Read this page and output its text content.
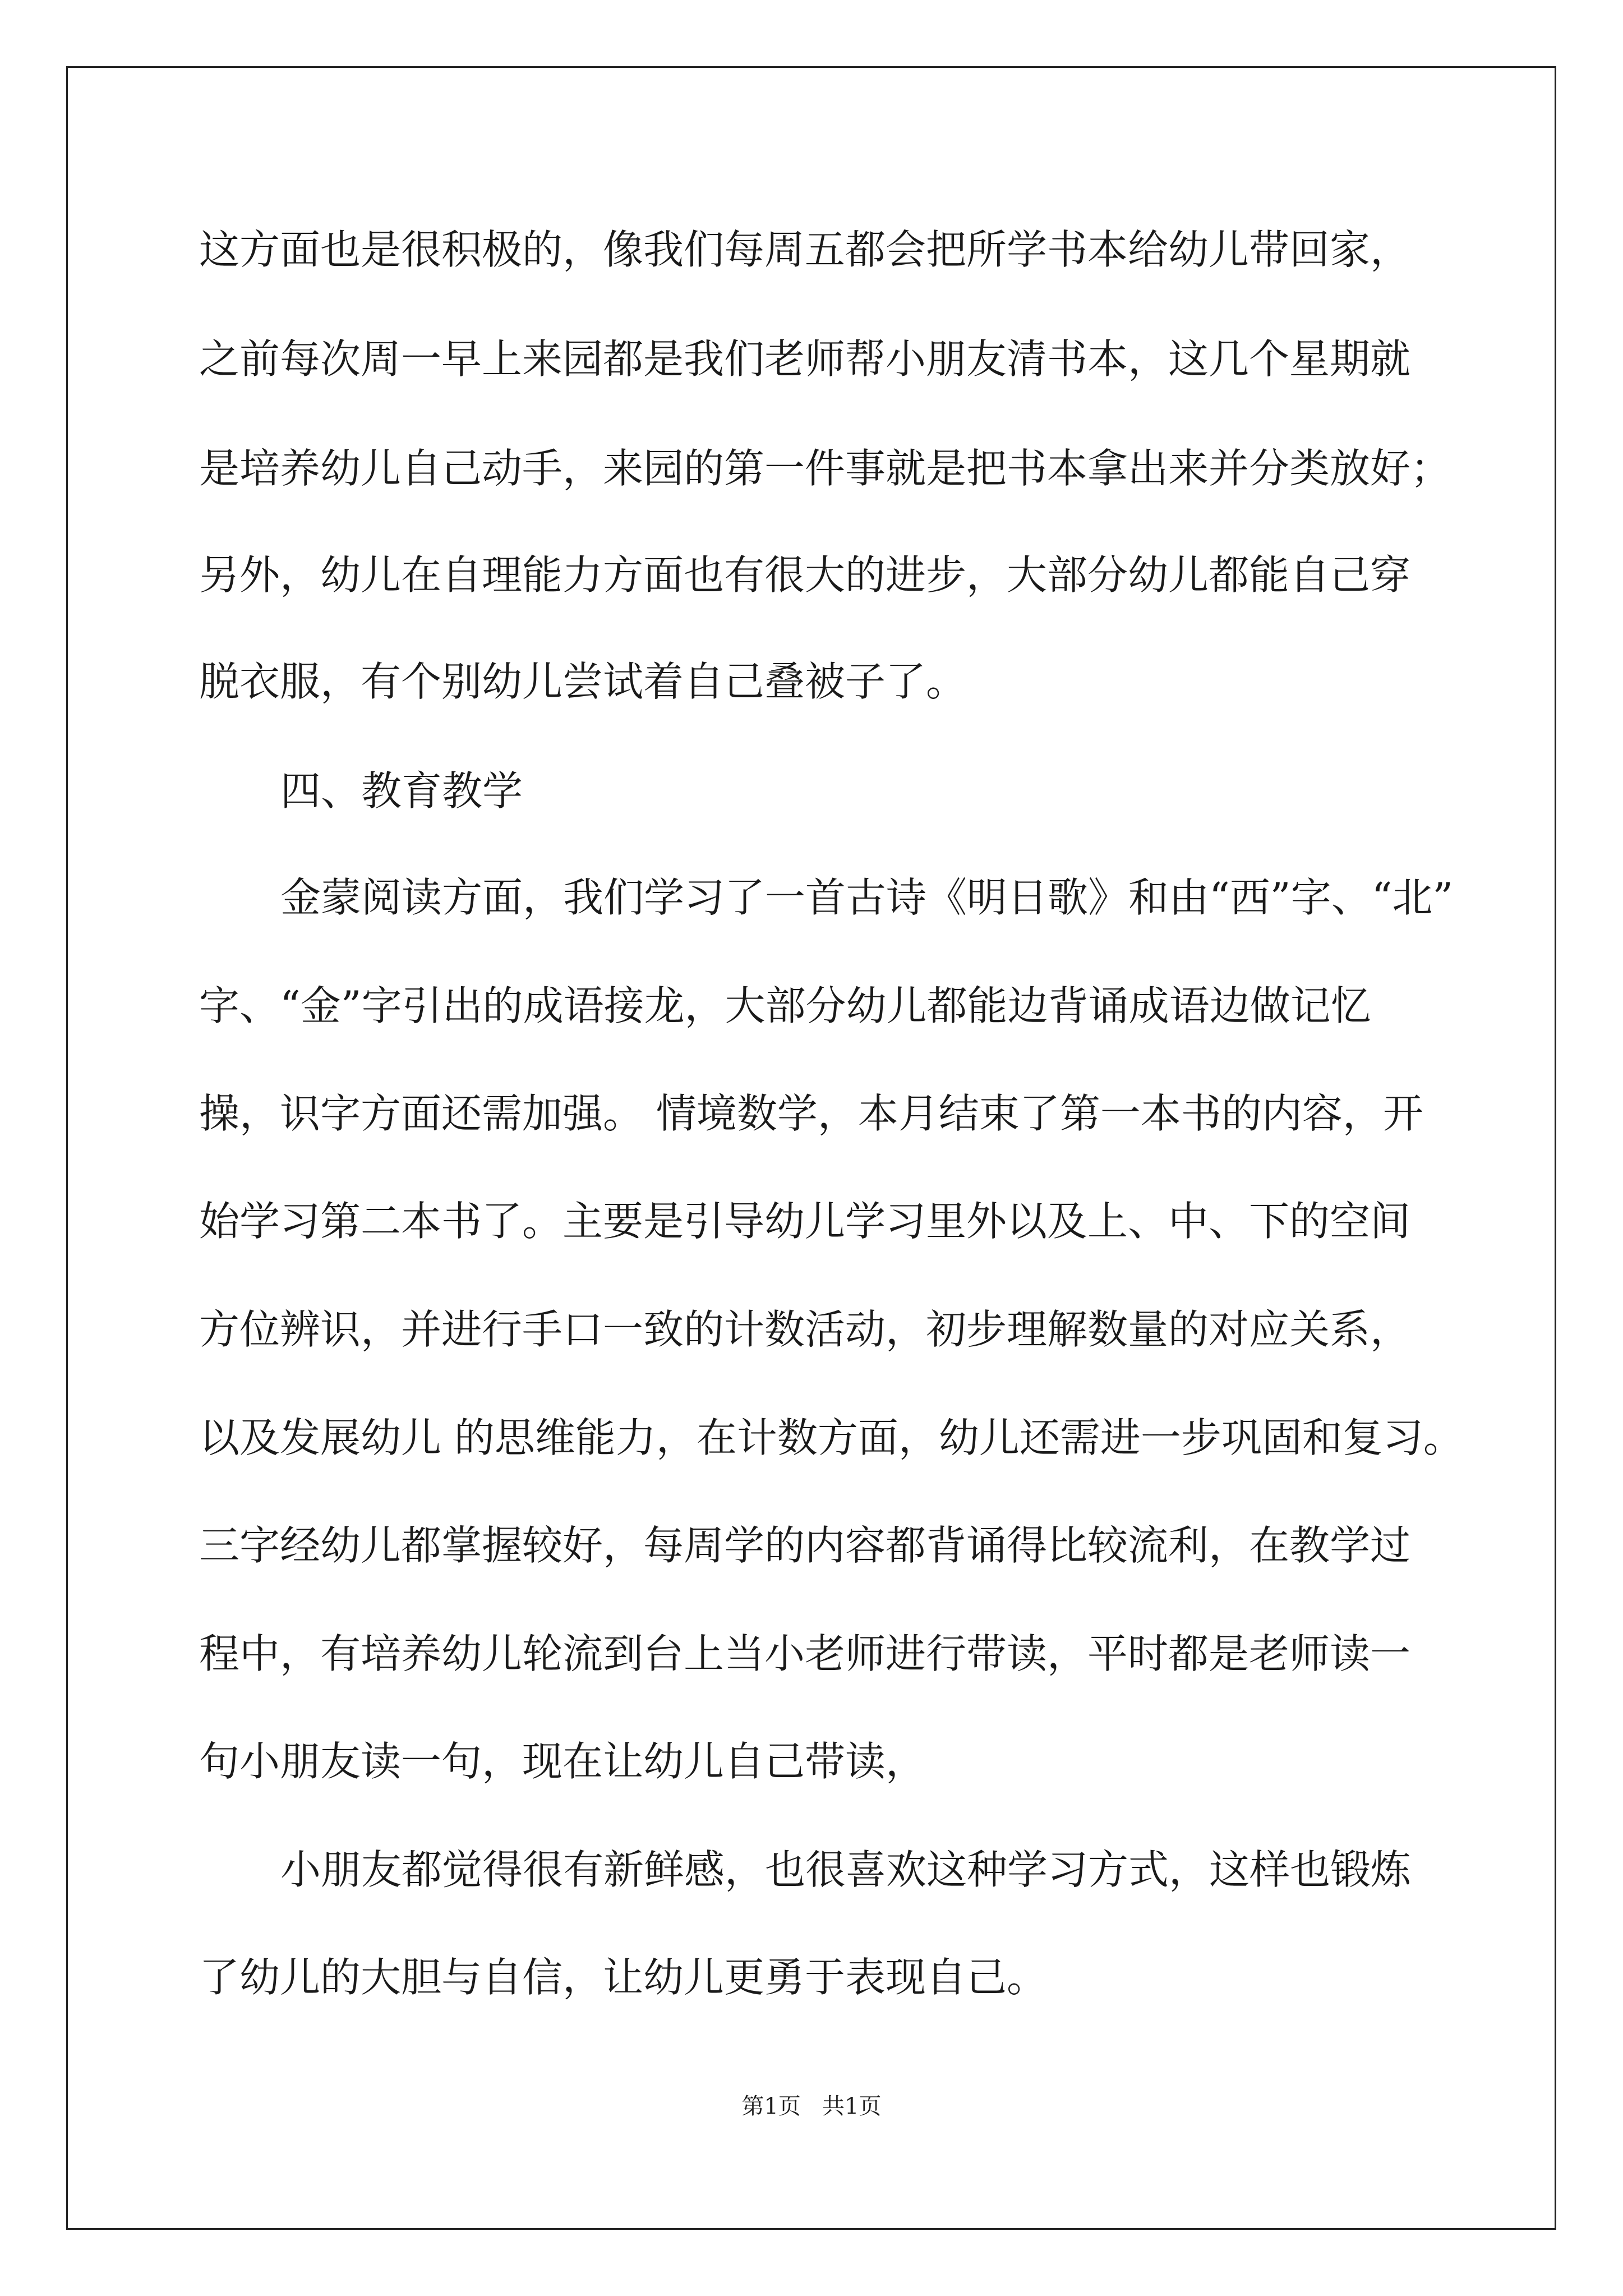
这方面也是很积极的，像我们每周五都会把所学书本给幼儿带回家，
之前每次周一早上来园都是我们老师帮小朋友清书本，这几个星期就
是培养幼儿自己动手，来园的第一件事就是把书本拿出来并分类放好；
另外，幼儿在自理能力方面也有很大的进步，大部分幼儿都能自己穿
脱衣服，有个别幼儿尝试着自己叠被子了。
四、教育教学
金蒙阅读方面，我们学习了一首古诗《明日歌》和由“西”字、“北”
字、“金”字引出的成语接龙，大部分幼儿都能边背诵成语边做记忆
操，识字方面还需加强。 情境数学，本月结束了第一本书的内容，开
始学习第二本书了。主要是引导幼儿学习里外以及上、中、下的空间
方位辨识，并进行手口一致的计数活动，初步理解数量的对应关系，
以及发展幼儿 的思维能力，在计数方面，幼儿还需进一步巩固和复习。
三字经幼儿都掌握较好，每周学的内容都背诵得比较流利，在教学过
程中，有培养幼儿轮流到台上当小老师进行带读，平时都是老师读一
句小朋友读一句，现在让幼儿自己带读，
小朋友都觉得很有新鲜感，也很喜欢这种学习方式，这样也锻炼
了幼儿的大胆与自信，让幼儿更勇于表现自己。
第1页   共1页
